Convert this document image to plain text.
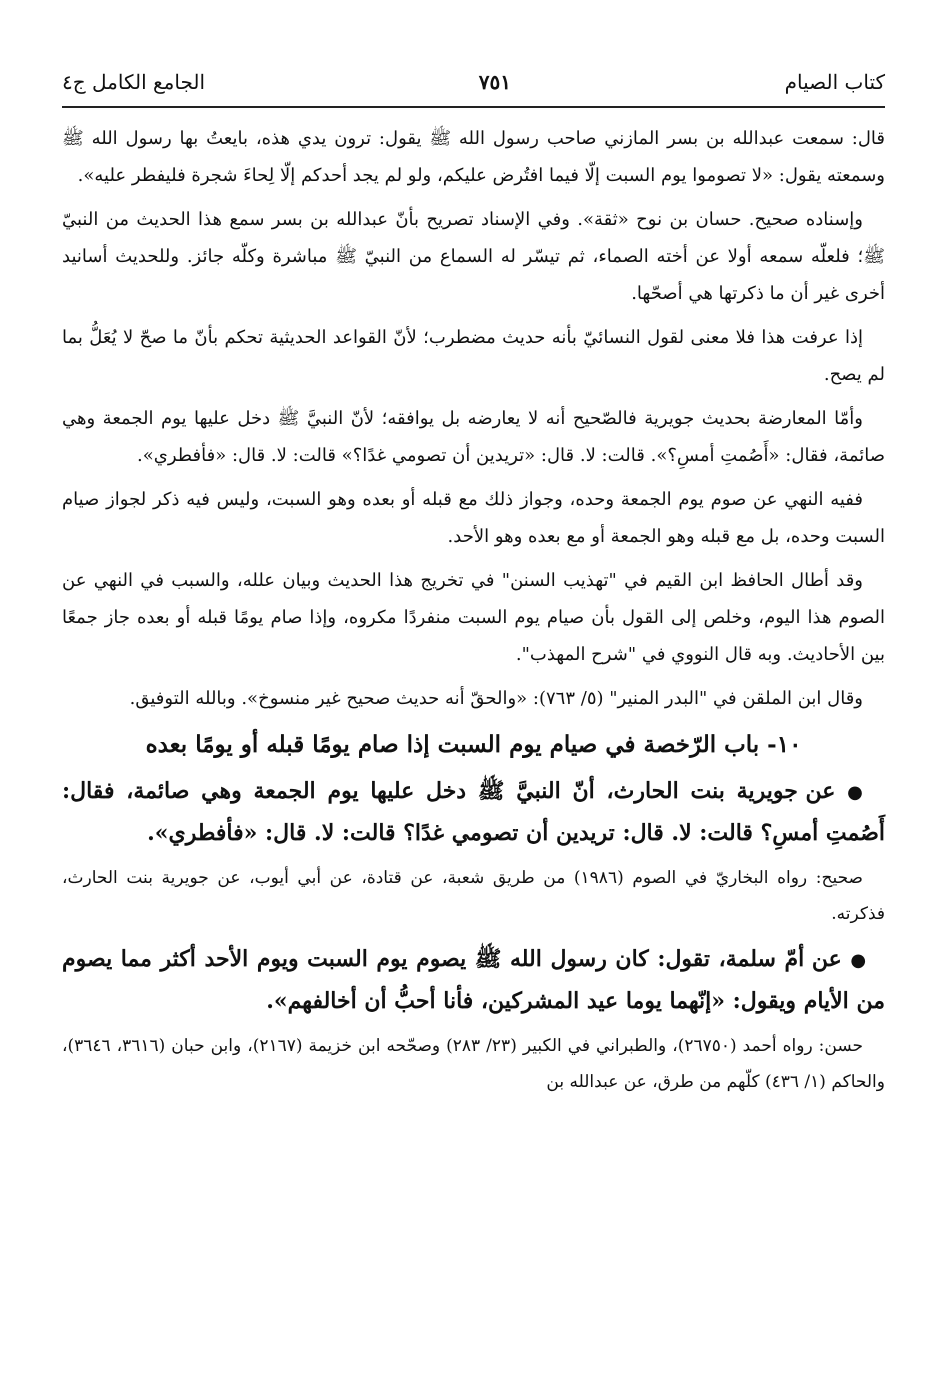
كتاب الصيام
٧٥١
الجامع الكامل ج٤

قال: سمعت عبدالله بن بسر المازني صاحب رسول الله ﷺ يقول: ترون يدي هذه، بايعتُ بها رسول الله ﷺ وسمعته يقول: «لا تصوموا يوم السبت إلّا فيما افتُرض عليكم، ولو لم يجد أحدكم إلّا لِحاءَ شجرة فليفطر عليه».

وإسناده صحيح. حسان بن نوح «ثقة». وفي الإسناد تصريح بأنّ عبدالله بن بسر سمع هذا الحديث من النبيّ ﷺ؛ فلعلّه سمعه أولا عن أخته الصماء، ثم تيسّر له السماع من النبيّ ﷺ مباشرة وكلّه جائز. وللحديث أسانيد أخرى غير أن ما ذكرتها هي أصحّها.

إذا عرفت هذا فلا معنى لقول النسائيّ بأنه حديث مضطرب؛ لأنّ القواعد الحديثية تحكم بأنّ ما صحّ لا يُعَلُّ بما لم يصح.

وأمّا المعارضة بحديث جويرية فالصّحيح أنه لا يعارضه بل يوافقه؛ لأنّ النبيَّ ﷺ دخل عليها يوم الجمعة وهي صائمة، فقال: «أَصُمتِ أمسِ؟». قالت: لا. قال: «تريدين أن تصومي غدًا؟» قالت: لا. قال: «فأفطري».

ففيه النهي عن صوم يوم الجمعة وحده، وجواز ذلك مع قبله أو بعده وهو السبت، وليس فيه ذكر لجواز صيام السبت وحده، بل مع قبله وهو الجمعة أو مع بعده وهو الأحد.

وقد أطال الحافظ ابن القيم في "تهذيب السنن" في تخريج هذا الحديث وبيان علله، والسبب في النهي عن الصوم هذا اليوم، وخلص إلى القول بأن صيام يوم السبت منفردًا مكروه، وإذا صام يومًا قبله أو بعده جاز جمعًا بين الأحاديث. وبه قال النووي في "شرح المهذب".

وقال ابن الملقن في "البدر المنير" (٥/ ٧٦٣): «والحقّ أنه حديث صحيح غير منسوخ». وبالله التوفيق.

١٠- باب الرّخصة في صيام يوم السبت إذا صام يومًا قبله أو يومًا بعده

● عن جويرية بنت الحارث، أنّ النبيَّ ﷺ دخل عليها يوم الجمعة وهي صائمة، فقال: أَصُمتِ أمسِ؟ قالت: لا. قال: تريدين أن تصومي غدًا؟ قالت: لا. قال: «فأفطري».

صحيح: رواه البخاريّ في الصوم (١٩٨٦) من طريق شعبة، عن قتادة، عن أبي أيوب، عن جويرية بنت الحارث، فذكرته.

● عن أمّ سلمة، تقول: كان رسول الله ﷺ يصوم يوم السبت ويوم الأحد أكثر مما يصوم من الأيام ويقول: «إنّهما يوما عيد المشركين، فأنا أحبُّ أن أخالفهم».

حسن: رواه أحمد (٢٦٧٥٠)، والطبراني في الكبير (٢٣/ ٢٨٣) وصحّحه ابن خزيمة (٢١٦٧)، وابن حبان (٣٦١٦، ٣٦٤٦)، والحاكم (١/ ٤٣٦) كلّهم من طرق، عن عبدالله بن
